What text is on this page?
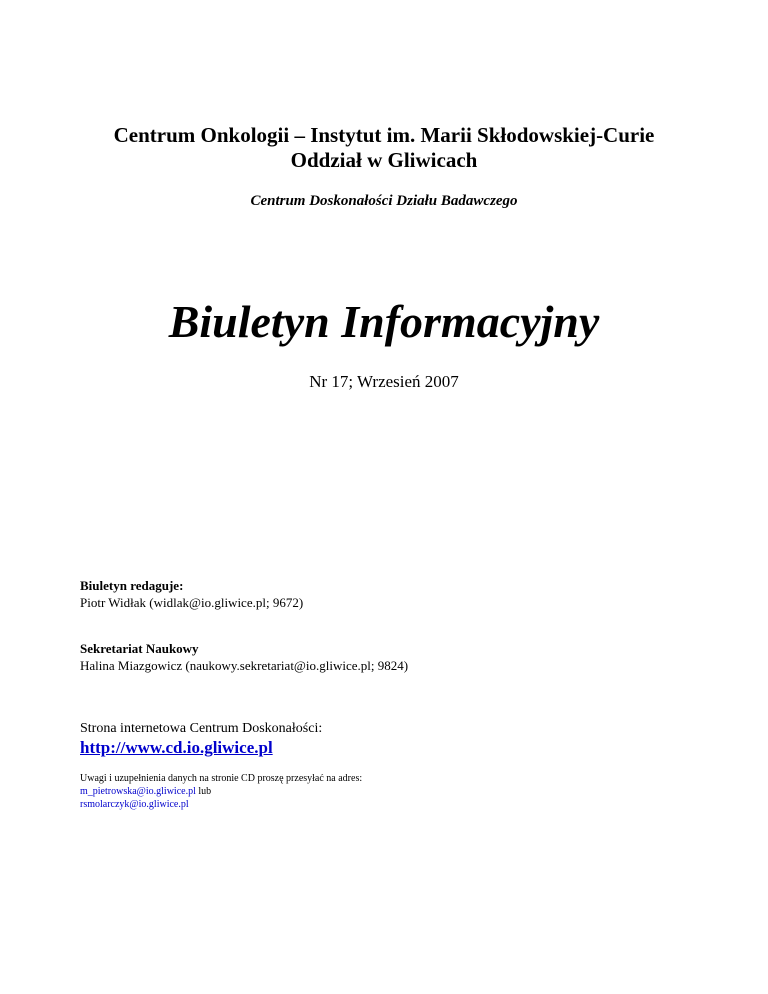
Centrum Onkologii – Instytut im. Marii Skłodowskiej-Curie
Oddział w Gliwicach
Centrum Doskonałości Działu Badawczego
Biuletyn Informacyjny
Nr 17; Wrzesień 2007
Biuletyn redaguje:
Piotr Widłak (widlak@io.gliwice.pl; 9672)
Sekretariat Naukowy
Halina Miazgowicz (naukowy.sekretariat@io.gliwice.pl; 9824)
Strona internetowa Centrum Doskonałości:
http://www.cd.io.gliwice.pl
Uwagi i uzupełnienia danych na stronie CD proszę przesyłać na adres:
m_pietrowska@io.gliwice.pl lub
rsmolarczyk@io.gliwice.pl
